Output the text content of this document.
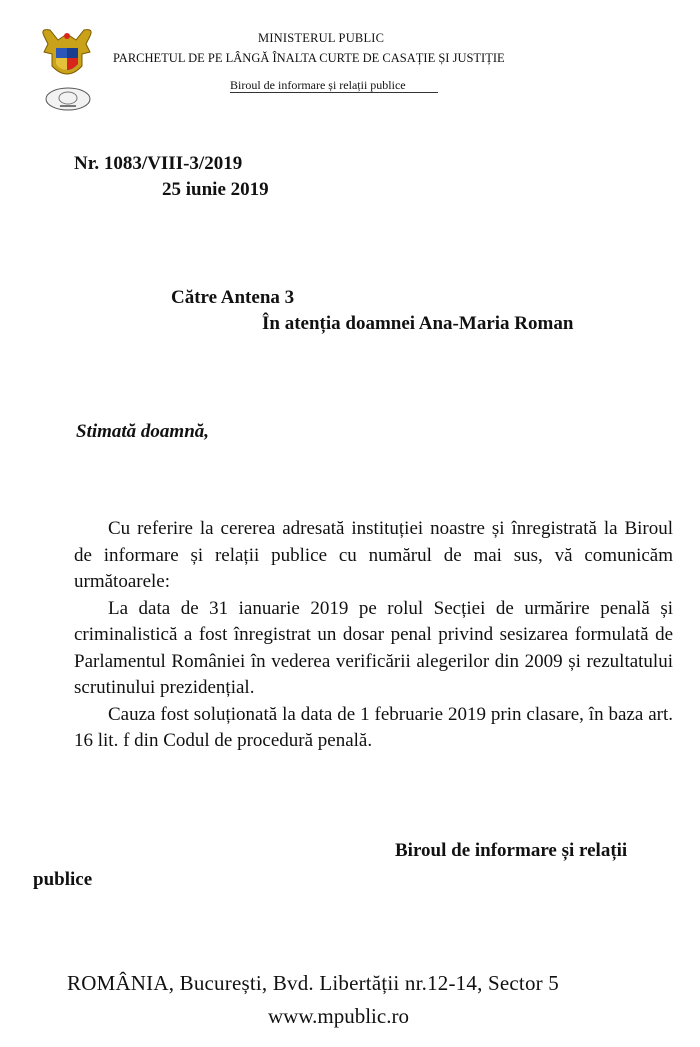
MINISTERUL PUBLIC
PARCHETUL DE PE LÂNGĂ ÎNALTA CURTE DE CASAȚIE ȘI JUSTIȚIE
Biroul de informare și relații publice
Nr. 1083/VIII-3/2019
25 iunie 2019
Către Antena 3
În atenția doamnei Ana-Maria Roman
Stimată doamnă,

Cu referire la cererea adresată instituției noastre și înregistrată la Biroul de informare și relații publice cu numărul de mai sus, vă comunicăm următoarele:

La data de 31 ianuarie 2019 pe rolul Secției de urmărire penală și criminalistică a fost înregistrat un dosar penal privind sesizarea formulată de Parlamentul României în vederea verificării alegerilor din 2009 și rezultatului scrutinului prezidențial.

Cauza fost soluționată la data de 1 februarie 2019 prin clasare, în baza art. 16 lit. f din Codul de procedură penală.

Biroul de informare și relații
publice
ROMÂNIA, București, Bvd. Libertății nr.12-14, Sector 5
www.mpublic.ro
